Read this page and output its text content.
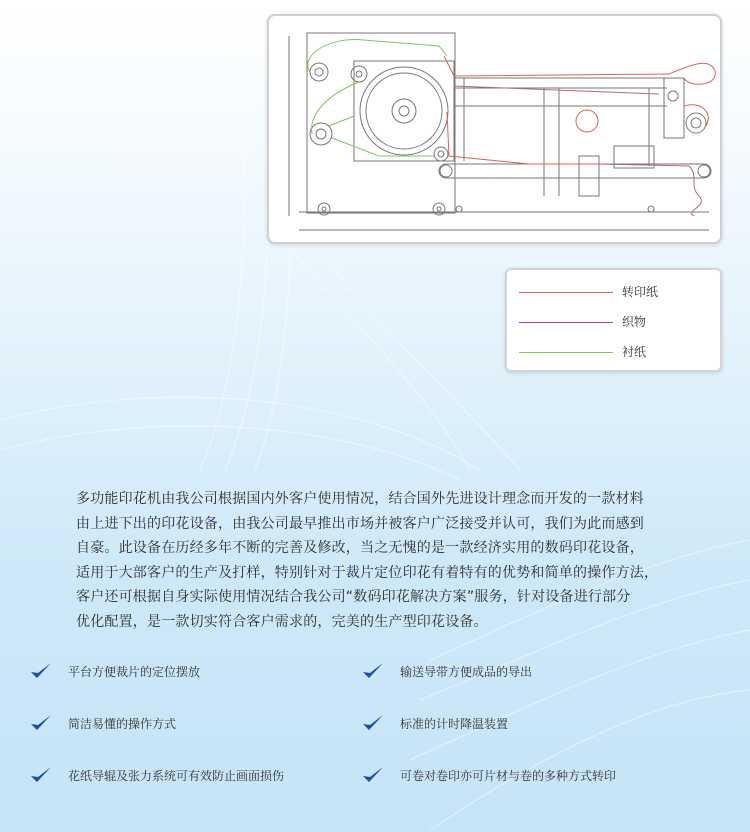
转印纸
织物
衬纸
多功能印花机由我公司根据国内外客户使用情况，结合国外先进设计理念而开发的一款材料
由上进下出的印花设备，由我公司最早推出市场并被客户广泛接受并认可，我们为此而感到
自豪。此设备在历经多年不断的完善及修改，当之无愧的是一款经济实用的数码印花设备，
适用于大部客户的生产及打样，特别针对于裁片定位印花有着特有的优势和简单的操作方法，
客户还可根据自身实际使用情况结合我公司“数码印花解决方案”服务，针对设备进行部分
优化配置，是一款切实符合客户需求的，完美的生产型印花设备。
平台方便裁片的定位摆放	输送导带方便成品的导出
简洁易懂的操作方式	标准的计时降温装置
花纸导辊及张力系统可有效防止画面损伤	可卷对卷印亦可片材与卷的多种方式转印
